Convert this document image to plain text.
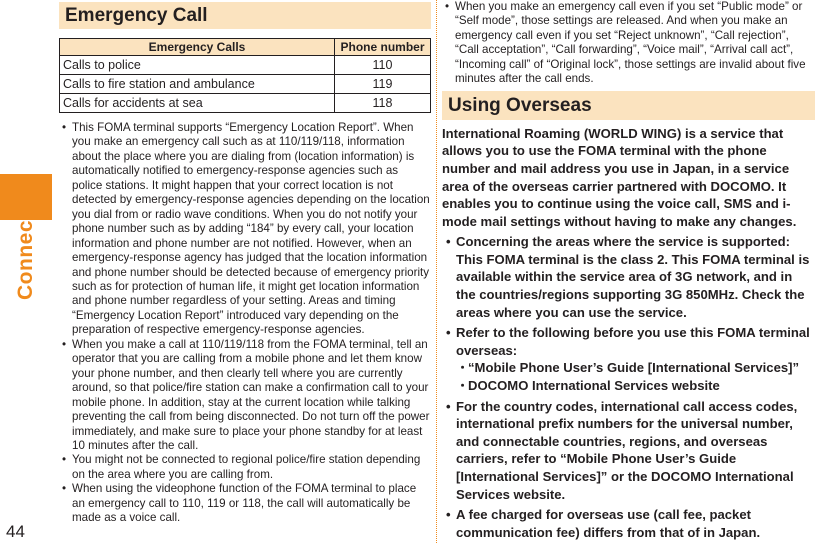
Connect
44
Emergency Call
Emergency Calls	Phone number
Calls to police	110
Calls to fire station and ambulance	119
Calls for accidents at sea	118

• This FOMA terminal supports “Emergency Location Report”. When you make an emergency call such as at 110/119/118, information about the place where you are dialing from (location information) is automatically notified to emergency-response agencies such as police stations. It might happen that your correct location is not detected by emergency-response agencies depending on the location you dial from or radio wave conditions. When you do not notify your phone number such as by adding “184” by every call, your location information and phone number are not notified. However, when an emergency-response agency has judged that the location information and phone number should be detected because of emergency priority such as for protection of human life, it might get location information and phone number regardless of your setting. Areas and timing “Emergency Location Report” introduced vary depending on the preparation of respective emergency-response agencies.

• When you make a call at 110/119/118 from the FOMA terminal, tell an operator that you are calling from a mobile phone and let them know your phone number, and then clearly tell where you are currently around, so that police/fire station can make a confirmation call to your mobile phone. In addition, stay at the current location while talking preventing the call from being disconnected. Do not turn off the power immediately, and make sure to place your phone standby for at least 10 minutes after the call.

• You might not be connected to regional police/fire station depending on the area where you are calling from.

• When using the videophone function of the FOMA terminal to place an emergency call to 110, 119 or 118, the call will automatically be made as a voice call.

• When you make an emergency call even if you set “Public mode” or “Self mode”, those settings are released. And when you make an emergency call even if you set “Reject unknown”, “Call rejection”, “Call acceptation”, “Call forwarding”, “Voice mail”, “Arrival call act”, “Incoming call” of “Original lock”, those settings are invalid about five minutes after the call ends.

Using Overseas

International Roaming (WORLD WING) is a service that allows you to use the FOMA terminal with the phone number and mail address you use in Japan, in a service area of the overseas carrier partnered with DOCOMO. It enables you to continue using the voice call, SMS and i-mode mail settings without having to make any changes.

• Concerning the areas where the service is supported: This FOMA terminal is the class 2. This FOMA terminal is available within the service area of 3G network, and in the countries/regions supporting 3G 850MHz. Check the areas where you can use the service.

• Refer to the following before you use this FOMA terminal overseas:

・“Mobile Phone User’s Guide [International Services]”
・DOCOMO International Services website

• For the country codes, international call access codes, international prefix numbers for the universal number, and connectable countries, regions, and overseas carriers, refer to “Mobile Phone User’s Guide [International Services]” or the DOCOMO International Services website.

• A fee charged for overseas use (call fee, packet communication fee) differs from that of in Japan.
